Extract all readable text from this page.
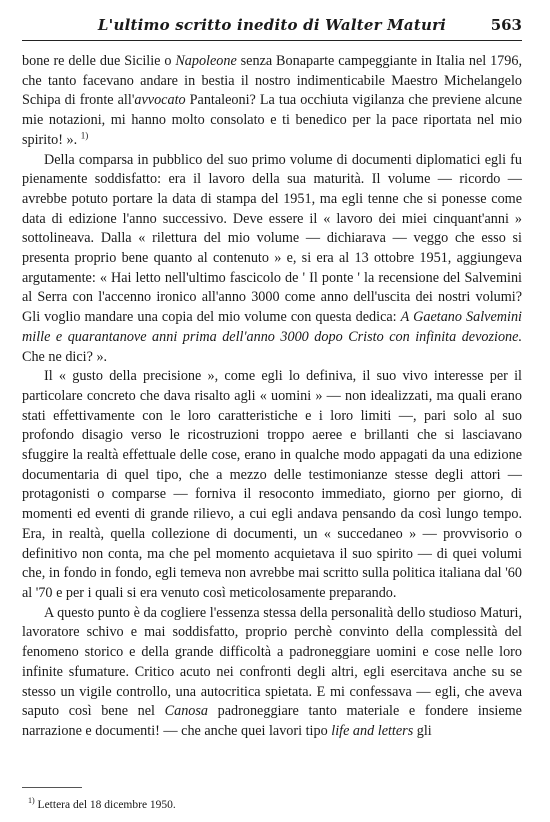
L'ultimo scritto inedito di Walter Maturi	563

bone re delle due Sicilie o Napoleone senza Bonaparte campeggiante in Italia nel 1796, che tanto facevano andare in bestia il nostro indimenticabile Maestro Michelangelo Schipa di fronte all'avvocato Pantaleoni? La tua occhiuta vigilanza che previene alcune mie notazioni, mi hanno molto consolato e ti benedico per la pace riportata nel mio spirito! ». $^{1)}$

Della comparsa in pubblico del suo primo volume di documenti diplomatici egli fu pienamente soddisfatto: era il lavoro della sua maturità. Il volume — ricordo — avrebbe potuto portare la data di stampa del 1951, ma egli tenne che si ponesse come data di edizione l'anno successivo. Deve essere il « lavoro dei miei cinquant'anni » sottolineava. Dalla « rilettura del mio volume — dichiarava — veggo che esso si presenta proprio bene quanto al contenuto » e, si era al 13 ottobre 1951, aggiungeva argutamente: « Hai letto nell'ultimo fascicolo de ' Il ponte ' la recensione del Salvemini al Serra con l'accenno ironico all'anno 3000 come anno dell'uscita dei nostri volumi? Gli voglio mandare una copia del mio volume con questa dedica: A Gaetano Salvemini mille e quarantanove anni prima dell'anno 3000 dopo Cristo con infinita devozione. Che ne dici? ».

Il « gusto della precisione », come egli lo definiva, il suo vivo interesse per il particolare concreto che dava risalto agli « uomini » — non idealizzati, ma quali erano stati effettivamente con le loro caratteristiche e i loro limiti —, pari solo al suo profondo disagio verso le ricostruzioni troppo aeree e brillanti che si lasciavano sfuggire la realtà effettuale delle cose, erano in qualche modo appagati da una edizione documentaria di quel tipo, che a mezzo delle testimonianze stesse degli attori — protagonisti o comparse — forniva il resoconto immediato, giorno per giorno, di momenti ed eventi di grande rilievo, a cui egli andava pensando da così lungo tempo. Era, in realtà, quella collezione di documenti, un « succedaneo » — provvisorio o definitivo non conta, ma che pel momento acquietava il suo spirito — di quei volumi che, in fondo in fondo, egli temeva non avrebbe mai scritto sulla politica italiana dal '60 al '70 e per i quali si era venuto così meticolosamente preparando.

A questo punto è da cogliere l'essenza stessa della personalità dello studioso Maturi, lavoratore schivo e mai soddisfatto, proprio perchè convinto della complessità del fenomeno storico e della grande difficoltà a padroneggiare uomini e cose nelle loro infinite sfumature. Critico acuto nei confronti degli altri, egli esercitava anche su se stesso un vigile controllo, una autocritica spietata. E mi confessava — egli, che aveva saputo così bene nel Canosa padroneggiare tanto materiale e fondere insieme narrazione e documenti! — che anche quei lavori tipo life and letters gli

$^{1)}$ Lettera del 18 dicembre 1950.
